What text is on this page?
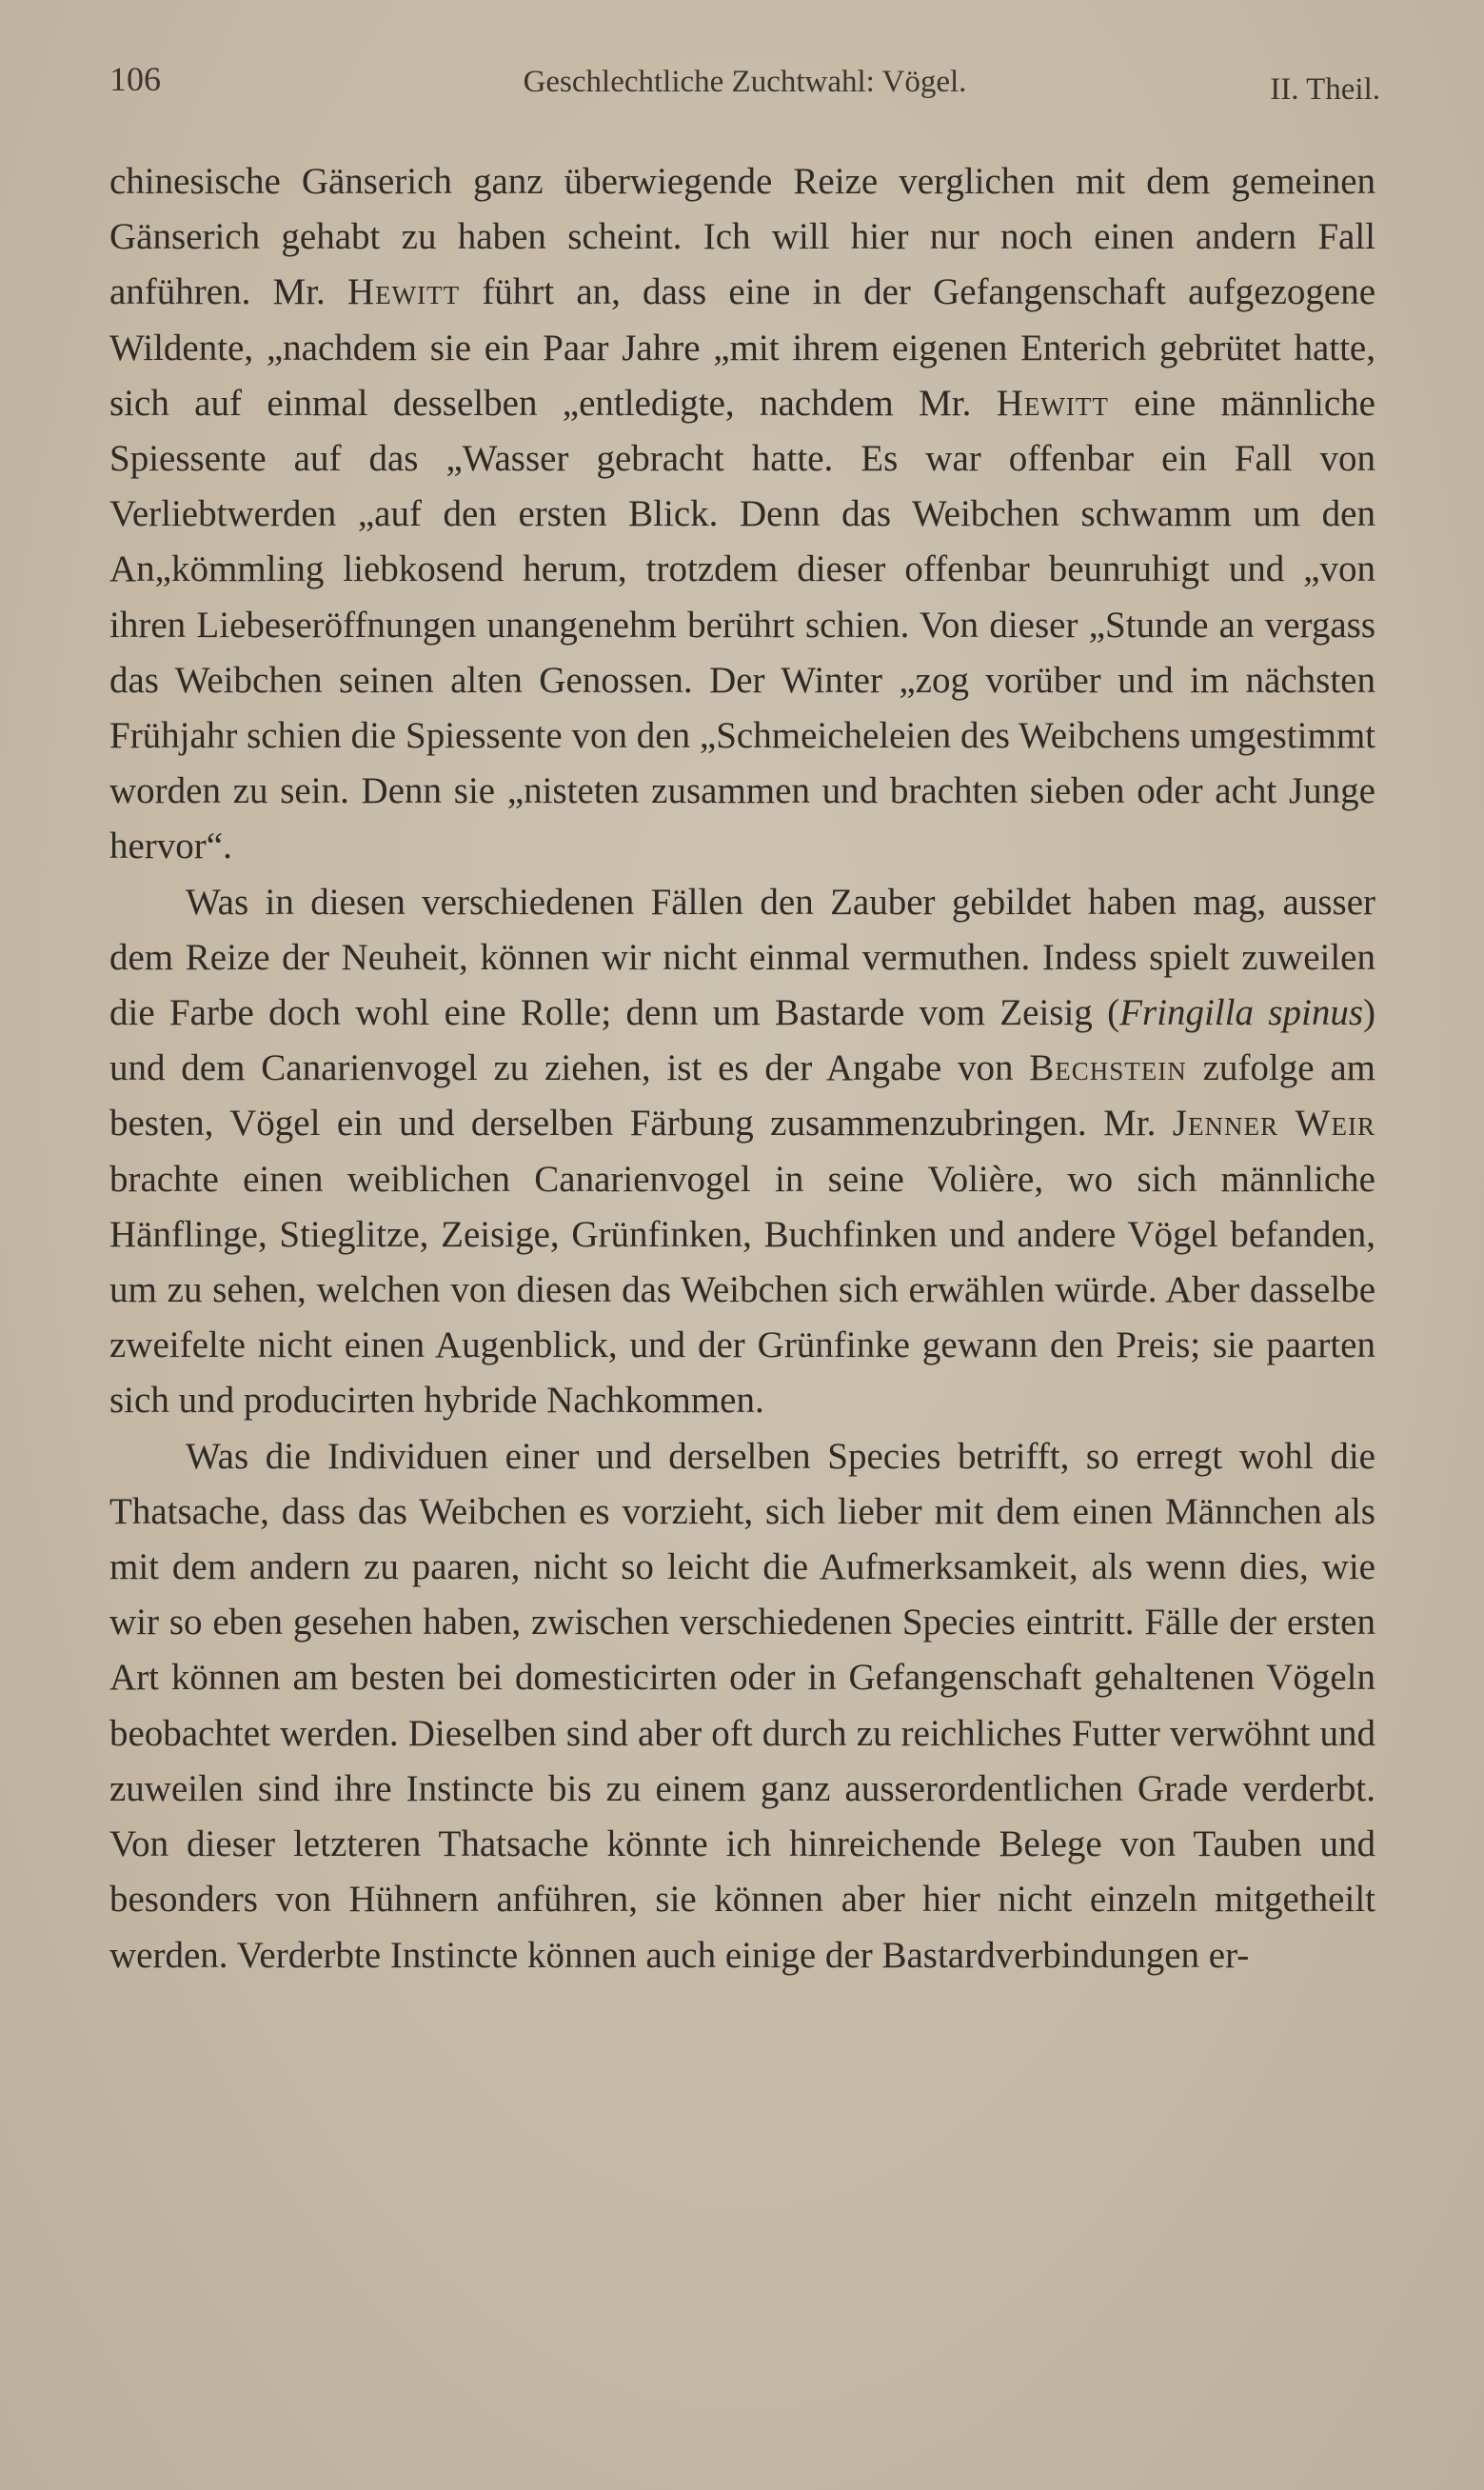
106	Geschlechtliche Zuchtwahl: Vögel.	II. Theil.

chinesische Gänserich ganz überwiegende Reize verglichen mit dem gemeinen Gänserich gehabt zu haben scheint. Ich will hier nur noch einen andern Fall anführen. Mr. Hewitt führt an, dass eine in der Gefangenschaft aufgezogene Wildente, „nachdem sie ein Paar Jahre „mit ihrem eigenen Enterich gebrütet hatte, sich auf einmal desselben „entledigte, nachdem Mr. Hewitt eine männliche Spiessente auf das „Wasser gebracht hatte. Es war offenbar ein Fall von Verliebtwerden „auf den ersten Blick. Denn das Weibchen schwamm um den An„kömmling liebkosend herum, trotzdem dieser offenbar beunruhigt und „von ihren Liebeseröffnungen unangenehm berührt schien. Von dieser „Stunde an vergass das Weibchen seinen alten Genossen. Der Winter „zog vorüber und im nächsten Frühjahr schien die Spiessente von den „Schmeicheleien des Weibchens umgestimmt worden zu sein. Denn sie „nisteten zusammen und brachten sieben oder acht Junge hervor“.

Was in diesen verschiedenen Fällen den Zauber gebildet haben mag, ausser dem Reize der Neuheit, können wir nicht einmal vermuthen. Indess spielt zuweilen die Farbe doch wohl eine Rolle; denn um Bastarde vom Zeisig (Fringilla spinus) und dem Canarienvogel zu ziehen, ist es der Angabe von Bechstein zufolge am besten, Vögel ein und derselben Färbung zusammenzubringen. Mr. Jenner Weir brachte einen weiblichen Canarienvogel in seine Volière, wo sich männliche Hänflinge, Stieglitze, Zeisige, Grünfinken, Buchfinken und andere Vögel befanden, um zu sehen, welchen von diesen das Weibchen sich erwählen würde. Aber dasselbe zweifelte nicht einen Augenblick, und der Grünfinke gewann den Preis; sie paarten sich und producirten hybride Nachkommen.

Was die Individuen einer und derselben Species betrifft, so erregt wohl die Thatsache, dass das Weibchen es vorzieht, sich lieber mit dem einen Männchen als mit dem andern zu paaren, nicht so leicht die Aufmerksamkeit, als wenn dies, wie wir so eben gesehen haben, zwischen verschiedenen Species eintritt. Fälle der ersten Art können am besten bei domesticirten oder in Gefangenschaft gehaltenen Vögeln beobachtet werden. Dieselben sind aber oft durch zu reichliches Futter verwöhnt und zuweilen sind ihre Instincte bis zu einem ganz ausserordentlichen Grade verderbt. Von dieser letzteren Thatsache könnte ich hinreichende Belege von Tauben und besonders von Hühnern anführen, sie können aber hier nicht einzeln mitgetheilt werden. Verderbte Instincte können auch einige der Bastardverbindungen er-
